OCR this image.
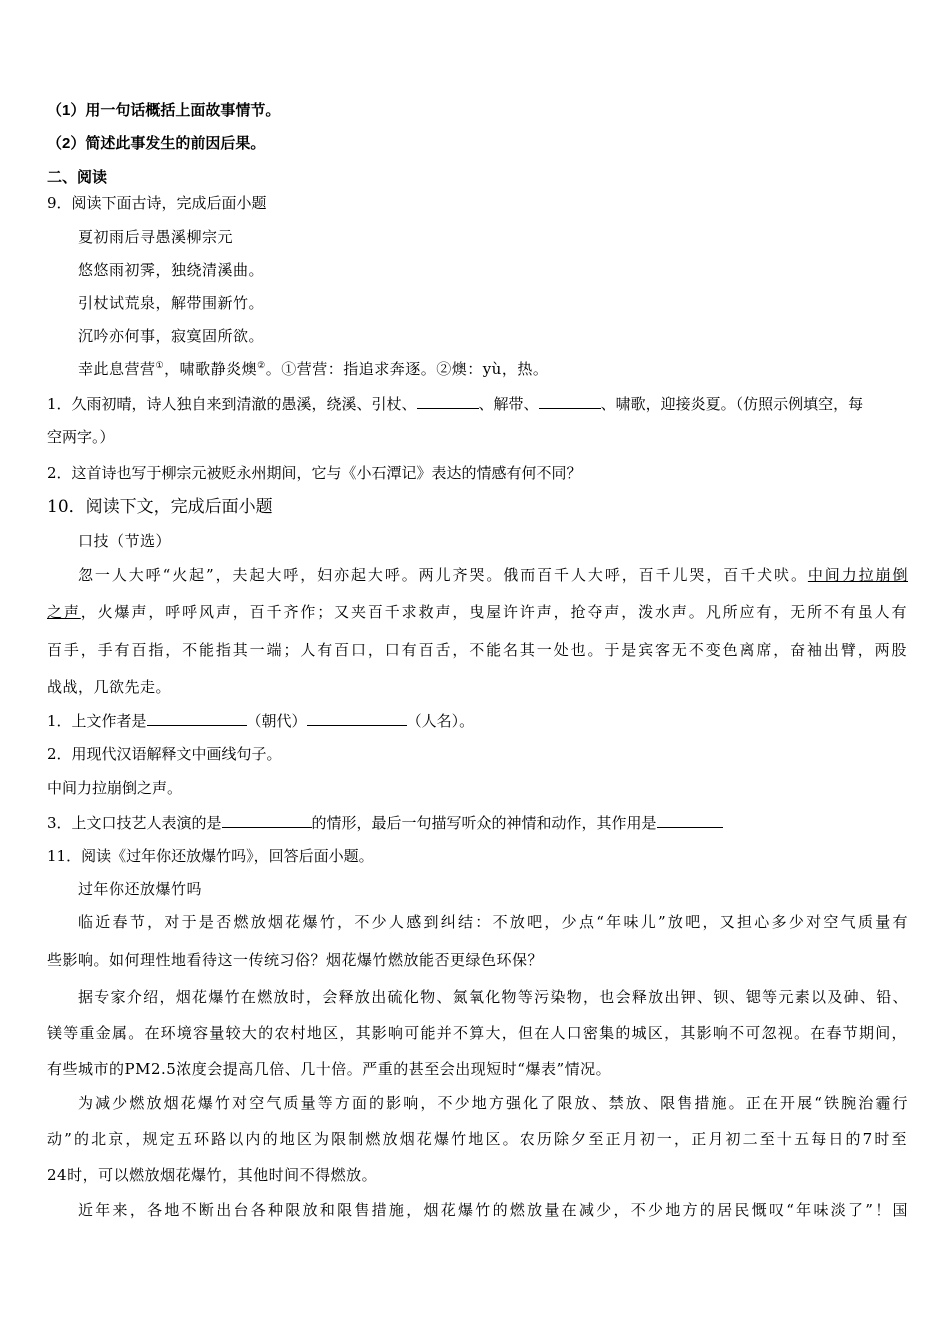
（1）用一句话概括上面故事情节。
（2）简述此事发生的前因后果。
二、阅读
9．阅读下面古诗，完成后面小题
夏初雨后寻愚溪柳宗元
悠悠雨初霁，独绕清溪曲。
引杖试荒泉，解带围新竹。
沉吟亦何事，寂寞固所欲。
幸此息营营①，啸歌静炎燠②。①营营：指追求奔逐。②燠：yù，热。
1．久雨初晴，诗人独自来到清澈的愚溪，绕溪、引杖、	、解带、	、啸歌，迎接炎夏。（仿照示例填空，每
空两字。）
2．这首诗也写于柳宗元被贬永州期间，它与《小石潭记》表达的情感有何不同？
10．阅读下文，完成后面小题
口技（节选）
忽一人大呼“火起”，夫起大呼，妇亦起大呼。两儿齐哭。俄而百千人大呼，百千儿哭，百千犬吠。中间力拉崩倒
之声，火爆声，呼呼风声，百千齐作；又夹百千求救声，曳屋许许声，抢夺声，泼水声。凡所应有，无所不有虽人有
百手，手有百指，不能指其一端；人有百口，口有百舌，不能名其一处也。于是宾客无不变色离席，奋袖出臂，两股
战战，几欲先走。
1．上文作者是	（朝代）	（人名）。
2．用现代汉语解释文中画线句子。
中间力拉崩倒之声。
3．上文口技艺人表演的是	的情形，最后一句描写听众的神情和动作，其作用是
11．阅读《过年你还放爆竹吗》，回答后面小题。
过年你还放爆竹吗
临近春节，对于是否燃放烟花爆竹，不少人感到纠结：不放吧，少点“年味儿”放吧，又担心多少对空气质量有
些影响。如何理性地看待这一传统习俗？烟花爆竹燃放能否更绿色环保？
据专家介绍，烟花爆竹在燃放时，会释放出硫化物、氮氧化物等污染物，也会释放出钾、钡、锶等元素以及砷、铅、
镁等重金属。在环境容量较大的农村地区，其影响可能并不算大，但在人口密集的城区，其影响不可忽视。在春节期间，
有些城市的PM2.5浓度会提高几倍、几十倍。严重的甚至会出现短时“爆表”情况。
为减少燃放烟花爆竹对空气质量等方面的影响，不少地方强化了限放、禁放、限售措施。正在开展“铁腕治霾行
动”的北京，规定五环路以内的地区为限制燃放烟花爆竹地区。农历除夕至正月初一，正月初二至十五每日的7时至
24时，可以燃放烟花爆竹，其他时间不得燃放。
近年来，各地不断出台各种限放和限售措施，烟花爆竹的燃放量在减少，不少地方的居民慨叹“年味淡了”！国
